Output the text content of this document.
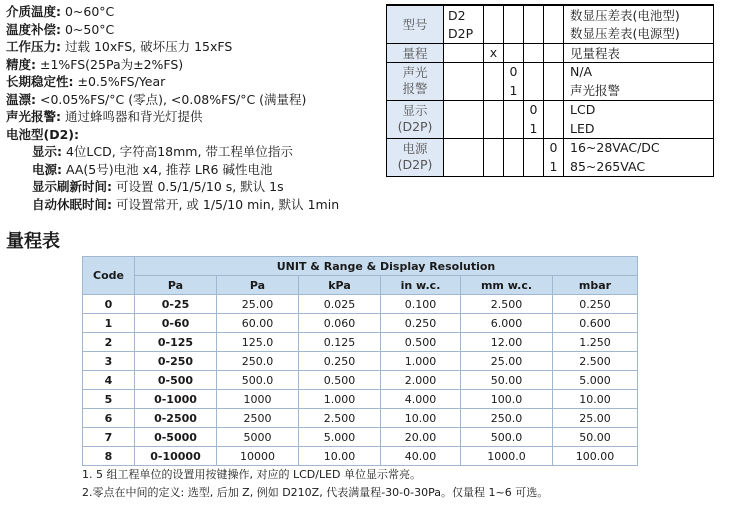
介质温度: 0~60°C
温度补偿: 0~50°C
工作压力: 过载 10xFS, 破坏压力 15xFS
精度: ±1%FS(25Pa为±2%FS)
长期稳定性: ±0.5%FS/Year
温漂: <0.05%FS/°C (零点), <0.08%FS/°C (满量程)
声光报警: 通过蜂鸣器和背光灯提供
电池型(D2):
显示: 4位LCD, 字符高18mm, 带工程单位指示
电源: AA(5号)电池 x4, 推荐 LR6 碱性电池
显示刷新时间: 可设置 0.5/1/5/10 s, 默认 1s
自动休眠时间: 可设置常开, 或 1/5/10 min, 默认 1min
型号	D2					数显压差表(电池型)
	D2P					数显压差表(电源型)
量程		x				见量程表
声光
报警			0			N/A
			1			声光报警
显示
(D2P)				0		LCD
				1		LED
电源
(D2P)					0	16~28VAC/DC
					1	85~265VAC
量程表
Code	UNIT & Range & Display Resolution					
	Pa	Pa	kPa	in w.c.	mm w.c.	mbar
0	0-25	25.00	0.025	0.100	2.500	0.250
1	0-60	60.00	0.060	0.250	6.000	0.600
2	0-125	125.0	0.125	0.500	12.00	1.250
3	0-250	250.0	0.250	1.000	25.00	2.500
4	0-500	500.0	0.500	2.000	50.00	5.000
5	0-1000	1000	1.000	4.000	100.0	10.00
6	0-2500	2500	2.500	10.00	250.0	25.00
7	0-5000	5000	5.000	20.00	500.0	50.00
8	0-10000	10000	10.00	40.00	1000.0	100.00
1. 5 组工程单位的设置用按键操作, 对应的 LCD/LED 单位显示常亮。
2.零点在中间的定义: 选型, 后加 Z, 例如 D210Z, 代表满量程-30-0-30Pa。仅量程 1~6 可选。
